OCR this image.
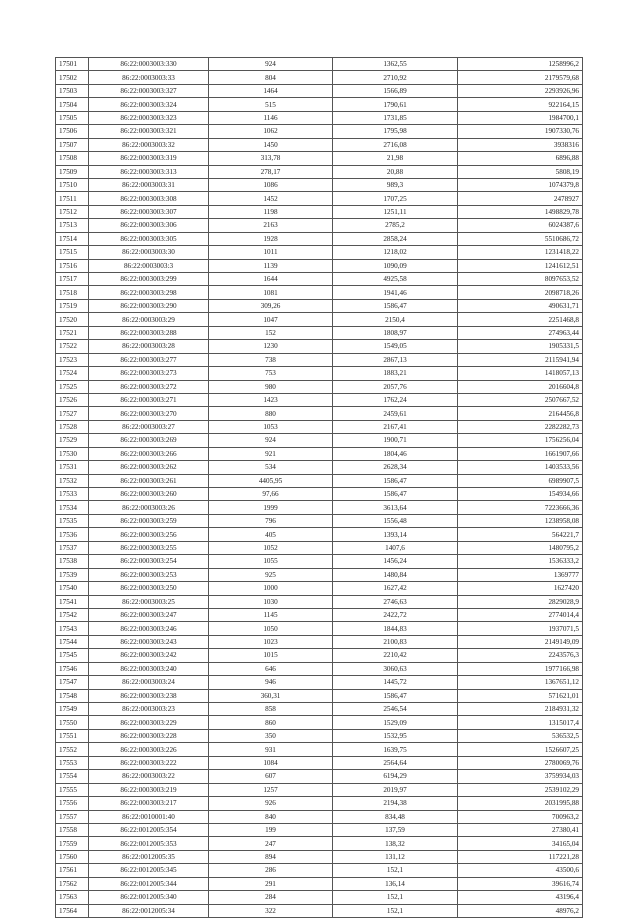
17501	86:22:0003003:330	924	1362,55	1258996,2
17502	86:22:0003003:33	804	2710,92	2179579,68
17503	86:22:0003003:327	1464	1566,89	2293926,96
17504	86:22:0003003:324	515	1790,61	922164,15
17505	86:22:0003003:323	1146	1731,85	1984700,1
17506	86:22:0003003:321	1062	1795,98	1907330,76
17507	86:22:0003003:32	1450	2716,08	3938316
17508	86:22:0003003:319	313,78	21,98	6896,88
17509	86:22:0003003:313	278,17	20,88	5808,19
17510	86:22:0003003:31	1086	989,3	1074379,8
17511	86:22:0003003:308	1452	1707,25	2478927
17512	86:22:0003003:307	1198	1251,11	1498829,78
17513	86:22:0003003:306	2163	2785,2	6024387,6
17514	86:22:0003003:305	1928	2858,24	5510686,72
17515	86:22:0003003:30	1011	1218,02	1231418,22
17516	86:22:0003003:3	1139	1090,09	1241612,51
17517	86:22:0003003:299	1644	4925,58	8097653,52
17518	86:22:0003003:298	1081	1941,46	2098718,26
17519	86:22:0003003:290	309,26	1586,47	490631,71
17520	86:22:0003003:29	1047	2150,4	2251468,8
17521	86:22:0003003:288	152	1808,97	274963,44
17522	86:22:0003003:28	1230	1549,05	1905331,5
17523	86:22:0003003:277	738	2867,13	2115941,94
17524	86:22:0003003:273	753	1883,21	1418057,13
17525	86:22:0003003:272	980	2057,76	2016604,8
17526	86:22:0003003:271	1423	1762,24	2507667,52
17527	86:22:0003003:270	880	2459,61	2164456,8
17528	86:22:0003003:27	1053	2167,41	2282282,73
17529	86:22:0003003:269	924	1900,71	1756256,04
17530	86:22:0003003:266	921	1804,46	1661907,66
17531	86:22:0003003:262	534	2628,34	1403533,56
17532	86:22:0003003:261	4405,95	1586,47	6989907,5
17533	86:22:0003003:260	97,66	1586,47	154934,66
17534	86:22:0003003:26	1999	3613,64	7223666,36
17535	86:22:0003003:259	796	1556,48	1238958,08
17536	86:22:0003003:256	405	1393,14	564221,7
17537	86:22:0003003:255	1052	1407,6	1480795,2
17538	86:22:0003003:254	1055	1456,24	1536333,2
17539	86:22:0003003:253	925	1480,84	1369777
17540	86:22:0003003:250	1000	1627,42	1627420
17541	86:22:0003003:25	1030	2746,63	2829028,9
17542	86:22:0003003:247	1145	2422,72	2774014,4
17543	86:22:0003003:246	1050	1844,83	1937071,5
17544	86:22:0003003:243	1023	2100,83	2149149,09
17545	86:22:0003003:242	1015	2210,42	2243576,3
17546	86:22:0003003:240	646	3060,63	1977166,98
17547	86:22:0003003:24	946	1445,72	1367651,12
17548	86:22:0003003:238	360,31	1586,47	571621,01
17549	86:22:0003003:23	858	2546,54	2184931,32
17550	86:22:0003003:229	860	1529,09	1315017,4
17551	86:22:0003003:228	350	1532,95	536532,5
17552	86:22:0003003:226	931	1639,75	1526607,25
17553	86:22:0003003:222	1084	2564,64	2780069,76
17554	86:22:0003003:22	607	6194,29	3759934,03
17555	86:22:0003003:219	1257	2019,97	2539102,29
17556	86:22:0003003:217	926	2194,38	2031995,88
17557	86:22:0010001:40	840	834,48	700963,2
17558	86:22:0012005:354	199	137,59	27380,41
17559	86:22:0012005:353	247	138,32	34165,04
17560	86:22:0012005:35	894	131,12	117221,28
17561	86:22:0012005:345	286	152,1	43500,6
17562	86:22:0012005:344	291	136,14	39616,74
17563	86:22:0012005:340	284	152,1	43196,4
17564	86:22:0012005:34	322	152,1	48976,2
